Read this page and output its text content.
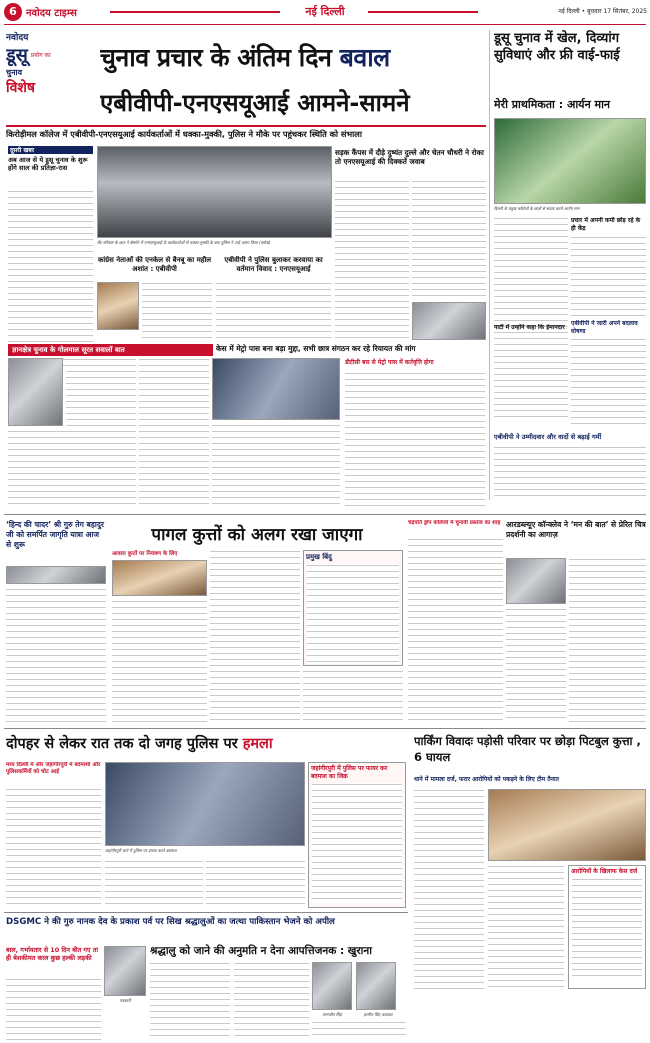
6 नवोदय टाइम्स	नई दिल्ली	नई दिल्ली • बुधवार 17 सितंबर, 2025
नवोदय
डूसू प्रयोग का
चुनाव
विशेष
चुनाव प्रचार के अंतिम दिन बवाल
एबीवीपी-एनएसयूआई आमने-सामने
डूसू चुनाव में खेल, दिव्यांग सुविधाएं और फ्री वाई-फाई
मेरी प्राथमिकता : आर्यन मान
किरोड़ीमल कॉलेज में एबीवीपी-एनएसयूआई कार्यकर्ताओं में धक्का-मुक्की, पुलिस ने मौके पर पहुंचकर स्थिति को संभाला
दूसरी खबर
अब आज से ये डूसू चुनाव के शुरू होंगे साल की प्रतिज्ञा-रास
सेंट स्टीफंस के छात्र ने बेसमेंट में एनएसयूआई के कार्यकर्ताओं से धक्का-मुक्की के बाद पुलिस ने उन्हें अलग किया (ब्लॉक)
सड़क कैंपस में दौड़े दुष्यंत दुल्ले और चेतन चौधरी ने रोका तो एनएसयूआई की दिक्कतें जवाब
कांग्रेस नेताओं की एनकेल से बैनबू का महौल अशांत : एबीवीपी
एबीवीपी ने पुलिस बुलाकर करवाया का वर्तमान विवाद : एनएसयूआई
ज्ञानक्षेत्र चुनाव के गोलमाल सूरत सवालों बात	केस में मेट्रो पास बना बड़ा मुद्दा, सभी छात्र संगठन कर रहे रियायत की मांग
डीटीसी बस से मेट्रो पास में कर्तवृत्ति होगा
दिल्ली के प्रमुख कॉलेजों के छात्रों से संवाद करते आर्यन मान
प्रचार में अपनी कमी छोड़ रहे के ही केंद्र
पार्टी में उन्होंने कहा कि ईमानदार
एबीवीपी ने जारी अपने बदलाव घोषणा
एबीवीपी ने उम्मीदवार और वादों से बढ़ाई गर्मी
‘हिन्द की चादर’ श्री गुरु तेग बहादुर जी को समर्पित जागृति यात्रा आज से शुरू	पागल कुत्तों को अलग रखा जाएगा
आवारा कुत्तों पर नियंत्रण के लिए	प्रमुख बिंदु
चंद्रपति ड्रॉप कॉलेजों में चुनावी प्रस्ताव का शाह आरडब्ल्यूए कॉन्क्लेव ने ‘मन की बात’ से प्रेरित चित्र प्रदर्शनी का आगाज़
दोपहर से लेकर रात तक दो जगह पुलिस पर हमला
मध्य दिल्ली में और जहांगीरपुरी में बदमाशों और पुलिसकर्मियों को चोट आई
जहांगीरपुरी थाने में पुलिस पर हमला करते बदमाश
जहांगीरपुरी में पुलिस पर फायर कर बदमाश का जिक्र
पार्किंग विवादः पड़ोसी परिवार पर छोड़ा पिटबुल कुत्ता , 6 घायल
थाने में मामला दर्ज, फरार आरोपियों को पकड़ने के लिए टीम तैनात
आरोपियों के खिलाफ केस दर्ज
DSGMC ने की गुरु नानक देव के प्रकाश पर्व पर सिख श्रद्धालुओं का जत्था पाकिस्तान भेजने को अपील
श्रद्धालु को जाने की अनुमति न देना आपत्तिजनक : खुराना
बाल, गर्भावतार से 10 दिन बीत गए ता ही बेशकीमत काल कुछ हल्की लड़की
पत्रकारी
परमजीत सिंह	हरमीत सिंह कालका
